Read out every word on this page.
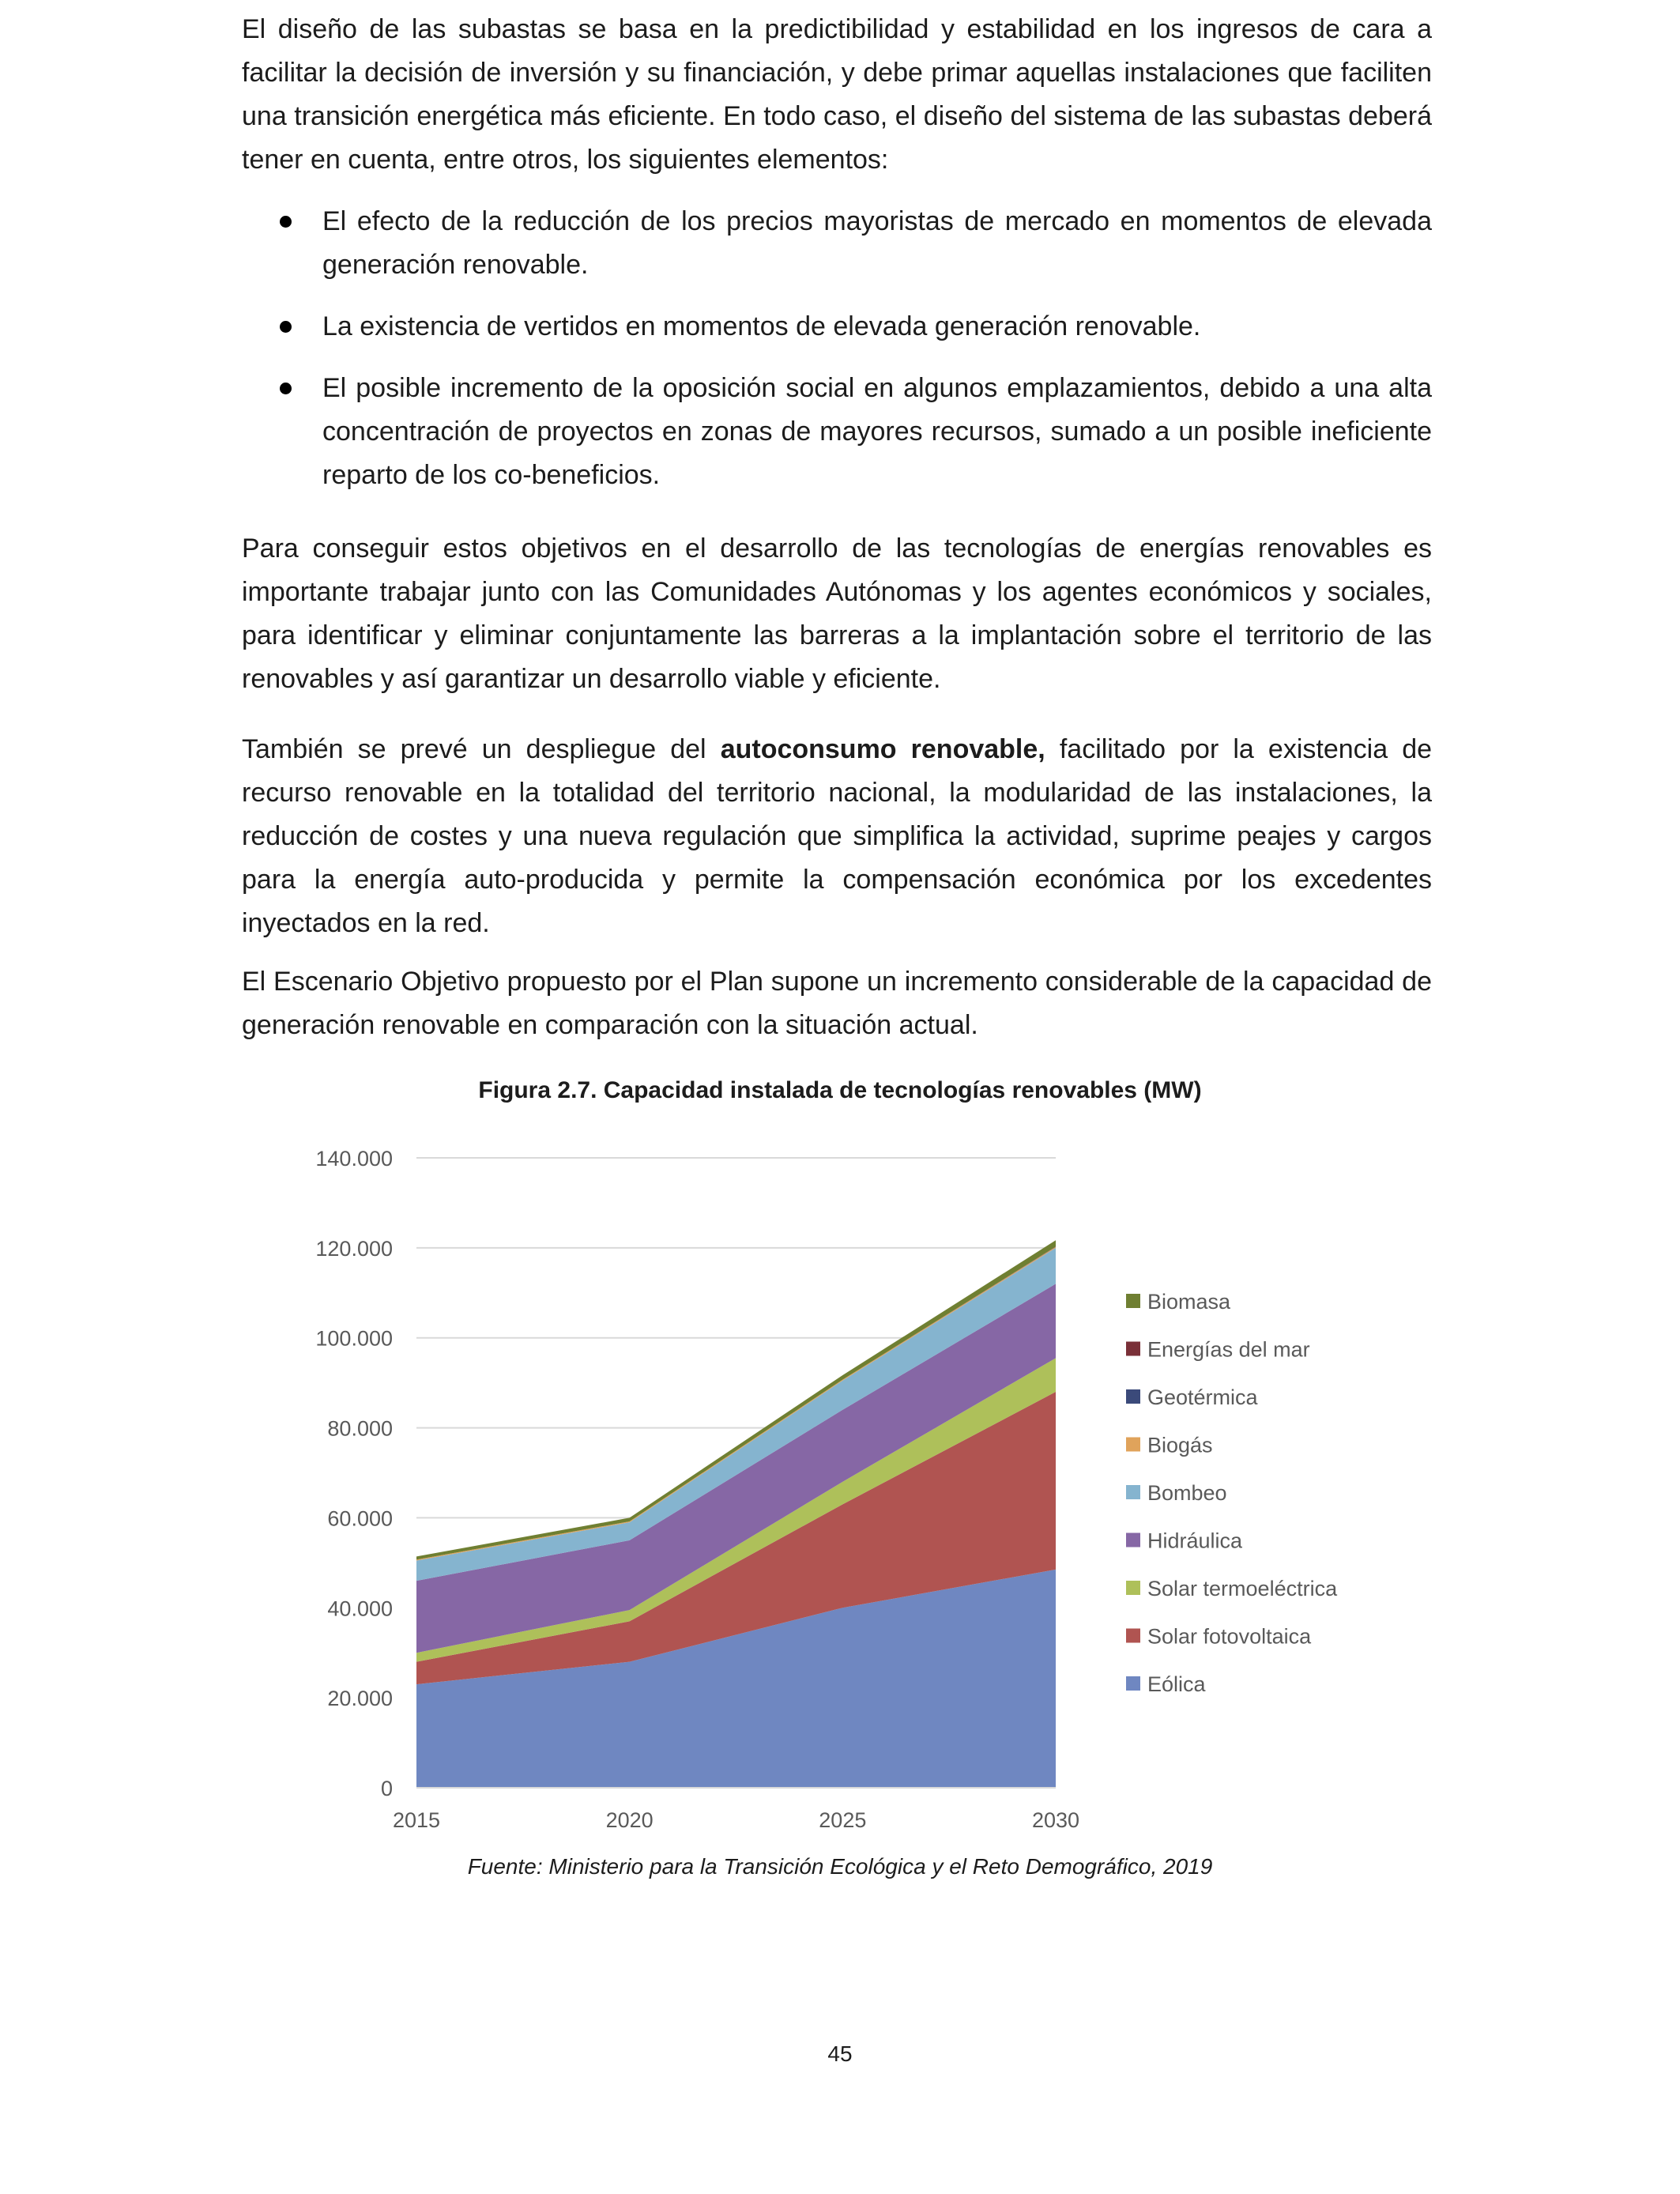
El diseño de las subastas se basa en la predictibilidad y estabilidad en los ingresos de cara a facilitar la decisión de inversión y su financiación, y debe primar aquellas instalaciones que faciliten una transición energética más eficiente. En todo caso, el diseño del sistema de las subastas deberá tener en cuenta, entre otros, los siguientes elementos:

El efecto de la reducción de los precios mayoristas de mercado en momentos de elevada generación renovable.
La existencia de vertidos en momentos de elevada generación renovable.
El posible incremento de la oposición social en algunos emplazamientos, debido a una alta concentración de proyectos en zonas de mayores recursos, sumado a un posible ineficiente reparto de los co-beneficios.

Para conseguir estos objetivos en el desarrollo de las tecnologías de energías renovables es importante trabajar junto con las Comunidades Autónomas y los agentes económicos y sociales, para identificar y eliminar conjuntamente las barreras a la implantación sobre el territorio de las renovables y así garantizar un desarrollo viable y eficiente.

También se prevé un despliegue del autoconsumo renovable, facilitado por la existencia de recurso renovable en la totalidad del territorio nacional, la modularidad de las instalaciones, la reducción de costes y una nueva regulación que simplifica la actividad, suprime peajes y cargos para la energía auto-producida y permite la compensación económica por los excedentes inyectados en la red.

El Escenario Objetivo propuesto por el Plan supone un incremento considerable de la capacidad de generación renovable en comparación con la situación actual.

Figura 2.7. Capacidad instalada de tecnologías renovables (MW)
0
20.000
40.000
60.000
80.000
100.000
120.000
140.000
2015	2020	2025	2030
Biomasa
Energías del mar
Geotérmica
Biogás
Bombeo
Hidráulica
Solar termoeléctrica
Solar fotovoltaica
Eólica
Fuente: Ministerio para la Transición Ecológica y el Reto Demográfico, 2019
45
